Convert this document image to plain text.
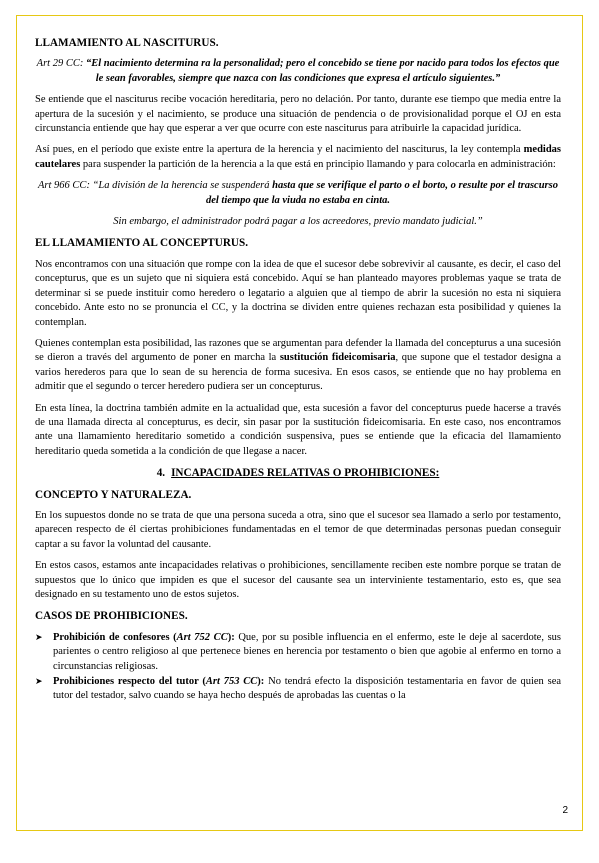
LLAMAMIENTO AL NASCITURUS.
Art 29 CC: “El nacimiento determina ra la personalidad; pero el concebido se tiene por nacido para todos los efectos que le sean favorables, siempre que nazca con las condiciones que expresa el artículo siguientes.”

Se entiende que el nasciturus recibe vocación hereditaria, pero no delación. Por tanto, durante ese tiempo que media entre la apertura de la sucesión y el nacimiento, se produce una situación de pendencia o de provisionalidad porque el OJ en esta circunstancia entiende que hay que esperar a ver que ocurre con este nasciturus para atribuirle la capacidad jurídica.

Así pues, en el período que existe entre la apertura de la herencia y el nacimiento del nasciturus, la ley contempla medidas cautelares para suspender la partición de la herencia a la que está en principio llamando y para colocarla en administración:

Art 966 CC: “La división de la herencia se suspenderá hasta que se verifique el parto o el borto, o resulte por el trascurso del tiempo que la viuda no estaba en cinta.
Sin embargo, el administrador podrá pagar a los acreedores, previo mandato judicial.”
EL LLAMAMIENTO AL CONCEPTURUS.

Nos encontramos con una situación que rompe con la idea de que el sucesor debe sobrevivir al causante, es decir, el caso del concepturus, que es un sujeto que ni siquiera está concebido. Aquí se han planteado mayores problemas yaque se trata de determinar si se puede instituir como heredero o legatario a alguien que al tiempo de abrir la sucesión no esta ni siquiera concebido. Ante esto no se pronuncia el CC, y la doctrina se dividen entre quienes rechazan esta posibilidad y quienes la contemplan.

Quienes contemplan esta posibilidad, las razones que se argumentan para defender la llamada del concepturus a una sucesión se dieron a través del argumento de poner en marcha la sustitución fideicomisaria, que supone que el testador designa a varios herederos para que lo sean de su herencia de forma sucesiva. En esos casos, se entiende que no hay problema en admitir que el segundo o tercer heredero pudiera ser un concepturus.

En esta línea, la doctrina también admite en la actualidad que, esta sucesión a favor del concepturus puede hacerse a través de una llamada directa al concepturus, es decir, sin pasar por la sustitución fideicomisaria. En este caso, nos encontramos ante una llamamiento hereditario sometido a condición suspensiva, pues se entiende que la eficacia del llamamiento hereditario queda sometida a la condición de que llegase a nacer.

4. INCAPACIDADES RELATIVAS O PROHIBICIONES:
CONCEPTO Y NATURALEZA.

En los supuestos donde no se trata de que una persona suceda a otra, sino que el sucesor sea llamado a serlo por testamento, aparecen respecto de él ciertas prohibiciones fundamentadas en el temor de que determinadas personas puedan conseguir captar a su favor la voluntad del causante.

En estos casos, estamos ante incapacidades relativas o prohibiciones, sencillamente reciben este nombre porque se tratan de supuestos que lo único que impiden es que el sucesor del causante sea un interviniente testamentario, esto es, que sea designado en su testamento uno de estos sujetos.

CASOS DE PROHIBICIONES.
➤ Prohibición de confesores (Art 752 CC): Que, por su posible influencia en el enfermo, este le deje al sacerdote, sus parientes o centro religioso al que pertenece bienes en herencia por testamento o bien que agobie al enfermo en torno a circunstancias religiosas.
➤ Prohibiciones respecto del tutor (Art 753 CC): No tendrá efecto la disposición testamentaria en favor de quien sea tutor del testador, salvo cuando se haya hecho después de aprobadas las cuentas o la
2
